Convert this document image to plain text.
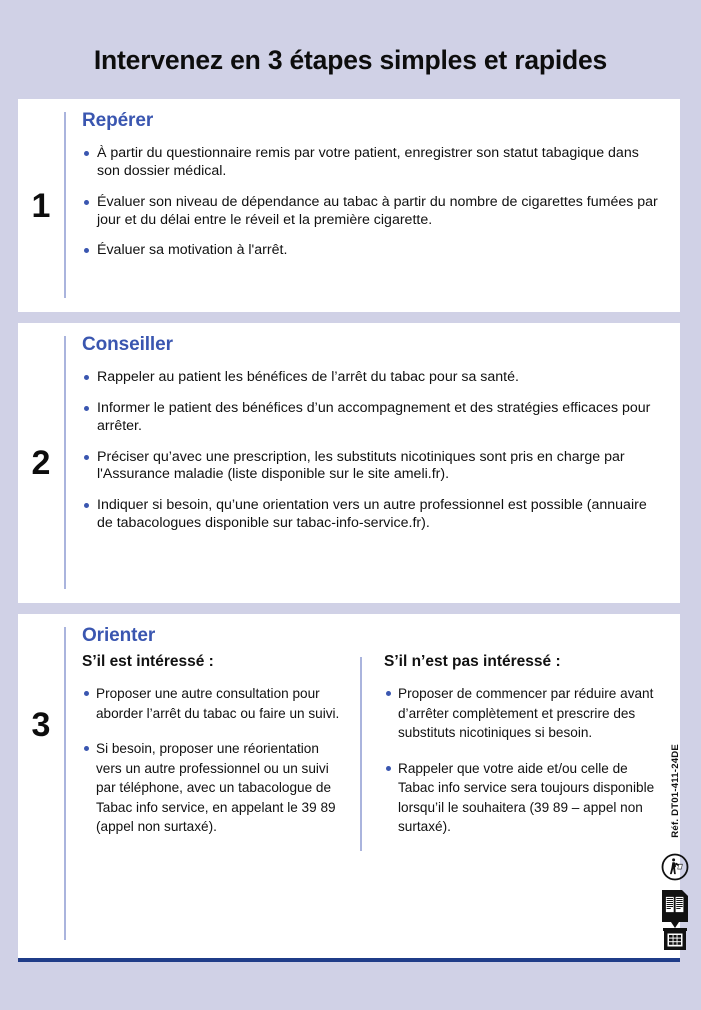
Intervenez en 3 étapes simples et rapides
1
Repérer
À partir du questionnaire remis par votre patient, enregistrer son statut tabagique dans son dossier médical.
Évaluer son niveau de dépendance au tabac à partir du nombre de cigarettes fumées par jour et du délai entre le réveil et la première cigarette.
Évaluer sa motivation à l'arrêt.
2
Conseiller
Rappeler au patient les bénéfices de l’arrêt du tabac pour sa santé.
Informer le patient des bénéfices d’un accompagnement et des stratégies efficaces pour arrêter.
Préciser qu’avec une prescription, les substituts nicotiniques sont pris en charge par l'Assurance maladie (liste disponible sur le site ameli.fr).
Indiquer si besoin, qu’une orientation vers un autre professionnel est possible (annuaire de tabacologues disponible sur tabac-info-service.fr).
3
Orienter
S’il est intéressé :
Proposer une autre consultation pour aborder l’arrêt du tabac ou faire un suivi.
Si besoin, proposer une réorientation vers un autre professionnel ou un suivi par téléphone, avec un tabacologue de Tabac info service, en appelant le 39 89 (appel non surtaxé).
S’il n’est pas intéressé :
Proposer de commencer par réduire avant d’arrêter complètement et prescrire des substituts nicotiniques si besoin.
Rappeler que votre aide et/ou celle de Tabac info service sera toujours disponible lorsqu’il le souhaitera (39 89 – appel non surtaxé).	Réf. DT01-411-24DE
